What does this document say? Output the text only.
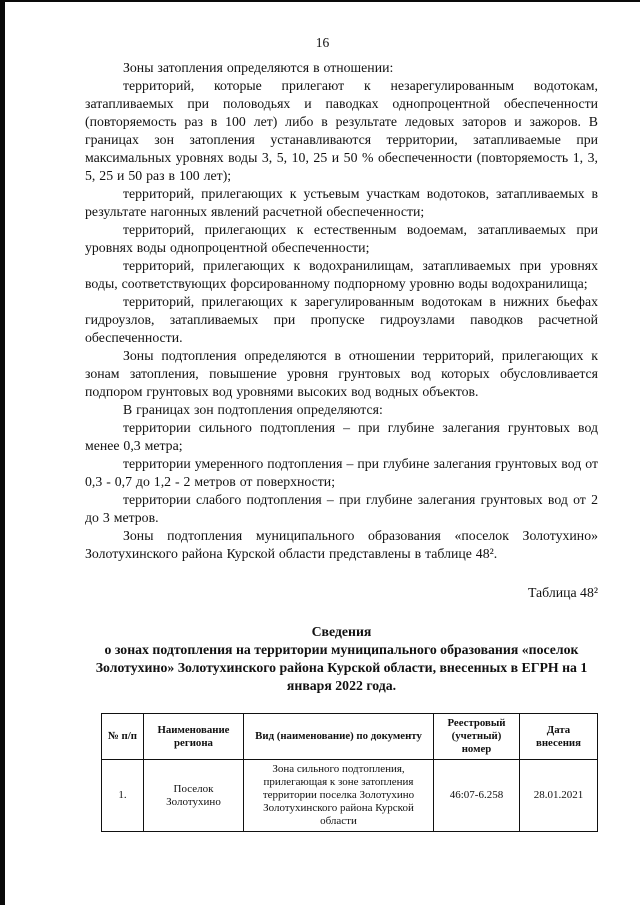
16

Зоны затопления определяются в отношении:

территорий, которые прилегают к незарегулированным водотокам, затапливаемых при половодьях и паводках однопроцентной обеспеченности (повторяемость раз в 100 лет) либо в результате ледовых заторов и зажоров. В границах зон затопления устанавливаются территории, затапливаемые при максимальных уровнях воды 3, 5, 10, 25 и 50 % обеспеченности (повторяемость 1, 3, 5, 25 и 50 раз в 100 лет);

территорий, прилегающих к устьевым участкам водотоков, затапливаемых в результате нагонных явлений расчетной обеспеченности;

территорий, прилегающих к естественным водоемам, затапливаемых при уровнях воды однопроцентной обеспеченности;

территорий, прилегающих к водохранилищам, затапливаемых при уровнях воды, соответствующих форсированному подпорному уровню воды водохранилища;

территорий, прилегающих к зарегулированным водотокам в нижних бьефах гидроузлов, затапливаемых при пропуске гидроузлами паводков расчетной обеспеченности.

Зоны подтопления определяются в отношении территорий, прилегающих к зонам затопления, повышение уровня грунтовых вод которых обусловливается подпором грунтовых вод уровнями высоких вод водных объектов.

В границах зон подтопления определяются:

территории сильного подтопления – при глубине залегания грунтовых вод менее 0,3 метра;

территории умеренного подтопления – при глубине залегания грунтовых вод от 0,3 - 0,7 до 1,2 - 2 метров от поверхности;

территории слабого подтопления – при глубине залегания грунтовых вод от 2 до 3 метров.

Зоны подтопления муниципального образования «поселок Золотухино» Золотухинского района Курской области представлены в таблице 48².

Таблица 48²
Сведения
о зонах подтопления на территории муниципального образования «поселок Золотухино» Золотухинского района Курской области, внесенных в ЕГРН на 1 января 2022 года.
№ п/п	Наименование региона	Вид (наименование) по документу	Реестровый (учетный) номер	Дата внесения
1.	Поселок Золотухино	Зона сильного подтопления, прилегающая к зоне затопления территории поселка Золотухино Золотухинского района Курской области	46:07-6.258	28.01.2021
